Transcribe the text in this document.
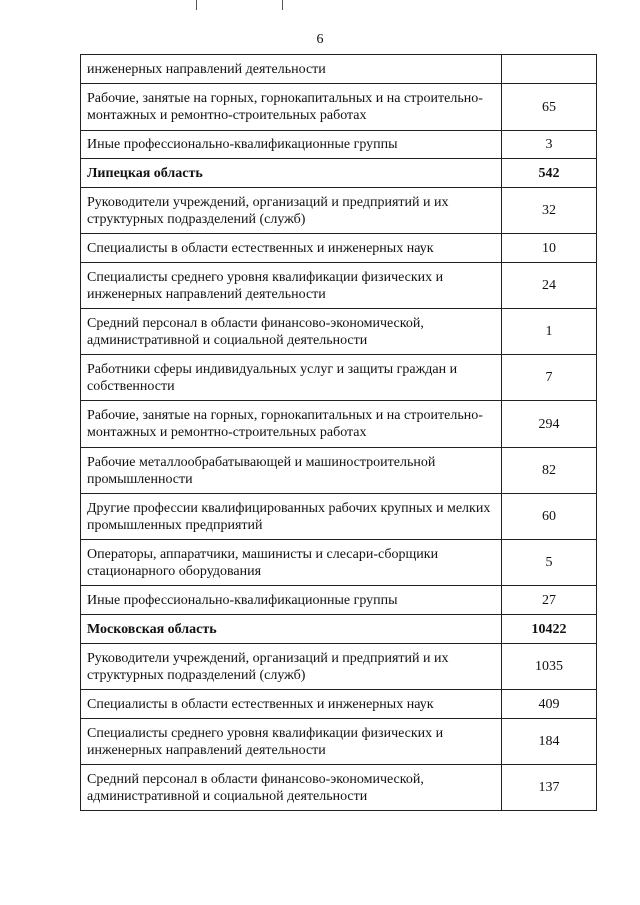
6
инженерных направлений деятельности	
Рабочие, занятые на горных, горнокапитальных и на строительно-монтажных и ремонтно-строительных работах	65
Иные профессионально-квалификационные группы	3
Липецкая область	542
Руководители учреждений, организаций и предприятий и их структурных подразделений (служб)	32
Специалисты в области естественных и инженерных наук	10
Специалисты среднего уровня квалификации физических и инженерных направлений деятельности	24
Средний персонал в области финансово-экономической, административной и социальной деятельности	1
Работники сферы индивидуальных услуг и защиты граждан и собственности	7
Рабочие, занятые на горных, горнокапитальных и на строительно-монтажных и ремонтно-строительных работах	294
Рабочие металлообрабатывающей и машиностроительной промышленности	82
Другие профессии квалифицированных рабочих крупных и мелких промышленных предприятий	60
Операторы, аппаратчики, машинисты и слесари-сборщики стационарного оборудования	5
Иные профессионально-квалификационные группы	27
Московская область	10422
Руководители учреждений, организаций и предприятий и их структурных подразделений (служб)	1035
Специалисты в области естественных и инженерных наук	409
Специалисты среднего уровня квалификации физических и инженерных направлений деятельности	184
Средний персонал в области финансово-экономической, административной и социальной деятельности	137
